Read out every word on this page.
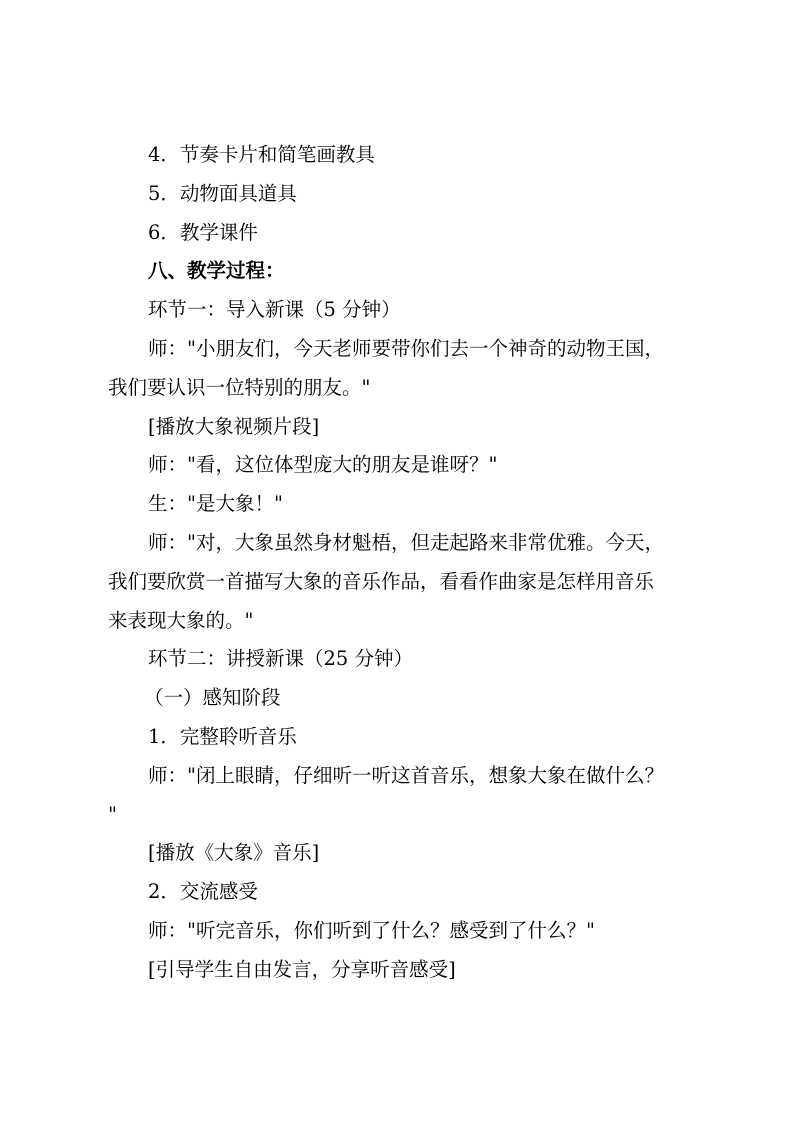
4．节奏卡片和简笔画教具
5．动物面具道具
6．教学课件
八、教学过程：
环节一：导入新课（5 分钟）
师："小朋友们，今天老师要带你们去一个神奇的动物王国，
我们要认识一位特别的朋友。"
[播放大象视频片段]
师："看，这位体型庞大的朋友是谁呀？"
生："是大象！"
师："对，大象虽然身材魁梧，但走起路来非常优雅。今天，
我们要欣赏一首描写大象的音乐作品，看看作曲家是怎样用音乐
来表现大象的。"
环节二：讲授新课（25 分钟）
（一）感知阶段
1．完整聆听音乐
师："闭上眼睛，仔细听一听这首音乐，想象大象在做什么？
"
[播放《大象》音乐]
2．交流感受
师："听完音乐，你们听到了什么？感受到了什么？"
[引导学生自由发言，分享听音感受]
